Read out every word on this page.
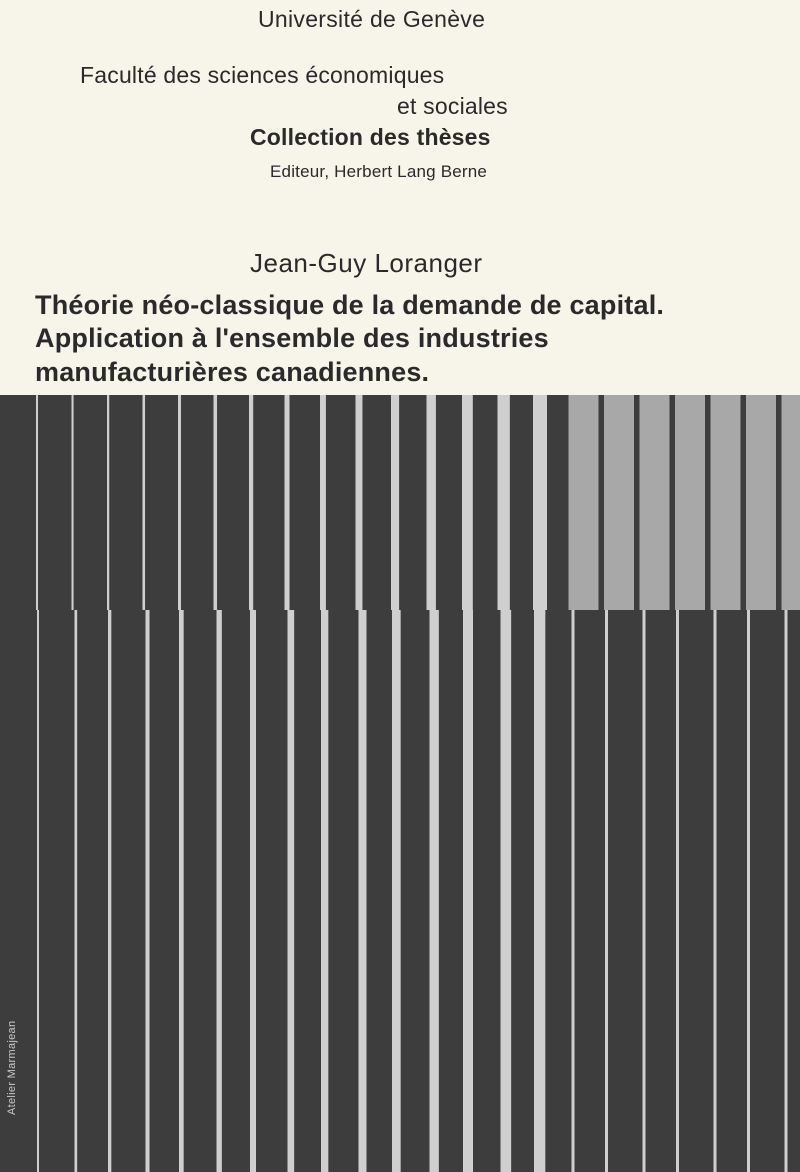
Université de Genève
Faculté des sciences économiques
et sociales
Collection des thèses
Editeur, Herbert Lang Berne
Jean-Guy Loranger
Théorie néo-classique de la demande de capital.
Application à l'ensemble des industries
manufacturières canadiennes.
Atelier Marmajean
